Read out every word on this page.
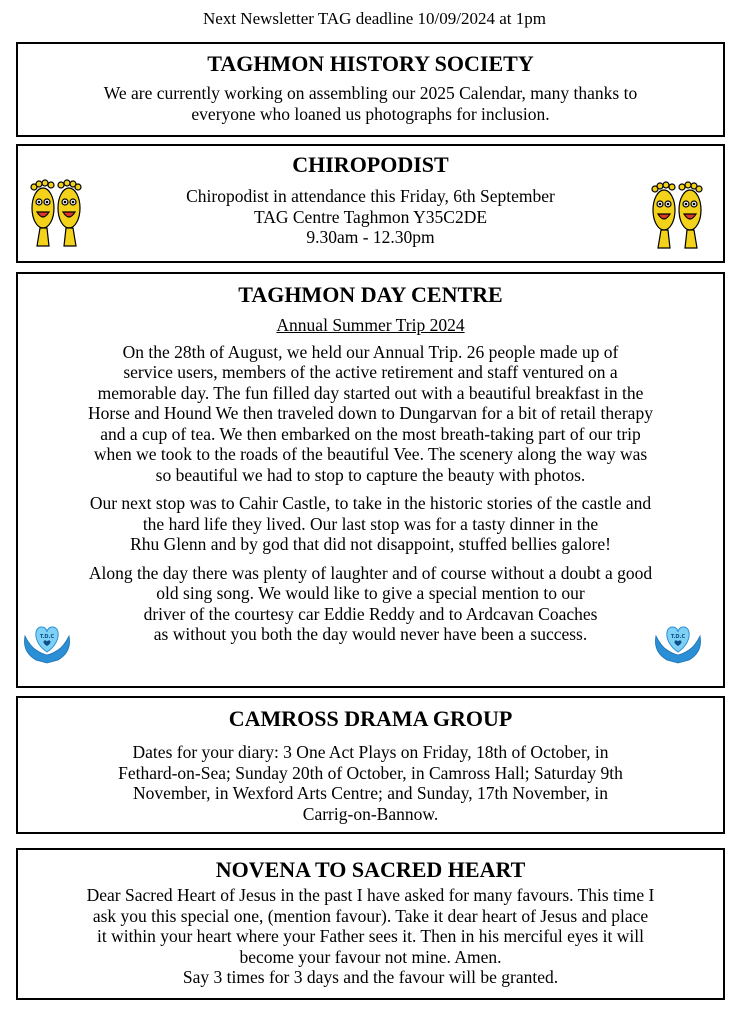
Next Newsletter TAG deadline 10/09/2024 at 1pm
TAGHMON HISTORY SOCIETY

We are currently working on assembling our 2025 Calendar, many thanks to
everyone who loaned us photographs for inclusion.

CHIROPODIST

Chiropodist in attendance this Friday, 6th September
TAG Centre Taghmon Y35C2DE
9.30am - 12.30pm

TAGHMON DAY CENTRE

Annual Summer Trip 2024

On the 28th of August, we held our Annual Trip. 26 people made up of
service users, members of the active retirement and staff ventured on a
memorable day. The fun filled day started out with a beautiful breakfast in the
Horse and Hound We then traveled down to Dungarvan for a bit of retail therapy
and a cup of tea. We then embarked on the most breath-taking part of our trip
when we took to the roads of the beautiful Vee. The scenery along the way was
so beautiful we had to stop to capture the beauty with photos.

Our next stop was to Cahir Castle, to take in the historic stories of the castle and
the hard life they lived. Our last stop was for a tasty dinner in the
Rhu Glenn and by god that did not disappoint, stuffed bellies galore!

Along the day there was plenty of laughter and of course without a doubt a good
old sing song. We would like to give a special mention to our
driver of the courtesy car Eddie Reddy and to Ardcavan Coaches
as without you both the day would never have been a success.

T.D.C	T.D.C
CAMROSS DRAMA GROUP

Dates for your diary: 3 One Act Plays on Friday, 18th of October, in
Fethard-on-Sea; Sunday 20th of October, in Camross Hall; Saturday 9th
November, in Wexford Arts Centre; and Sunday, 17th November, in
Carrig-on-Bannow.

NOVENA TO SACRED HEART

Dear Sacred Heart of Jesus in the past I have asked for many favours. This time I
ask you this special one, (mention favour). Take it dear heart of Jesus and place
it within your heart where your Father sees it. Then in his merciful eyes it will
become your favour not mine. Amen.
Say 3 times for 3 days and the favour will be granted.
